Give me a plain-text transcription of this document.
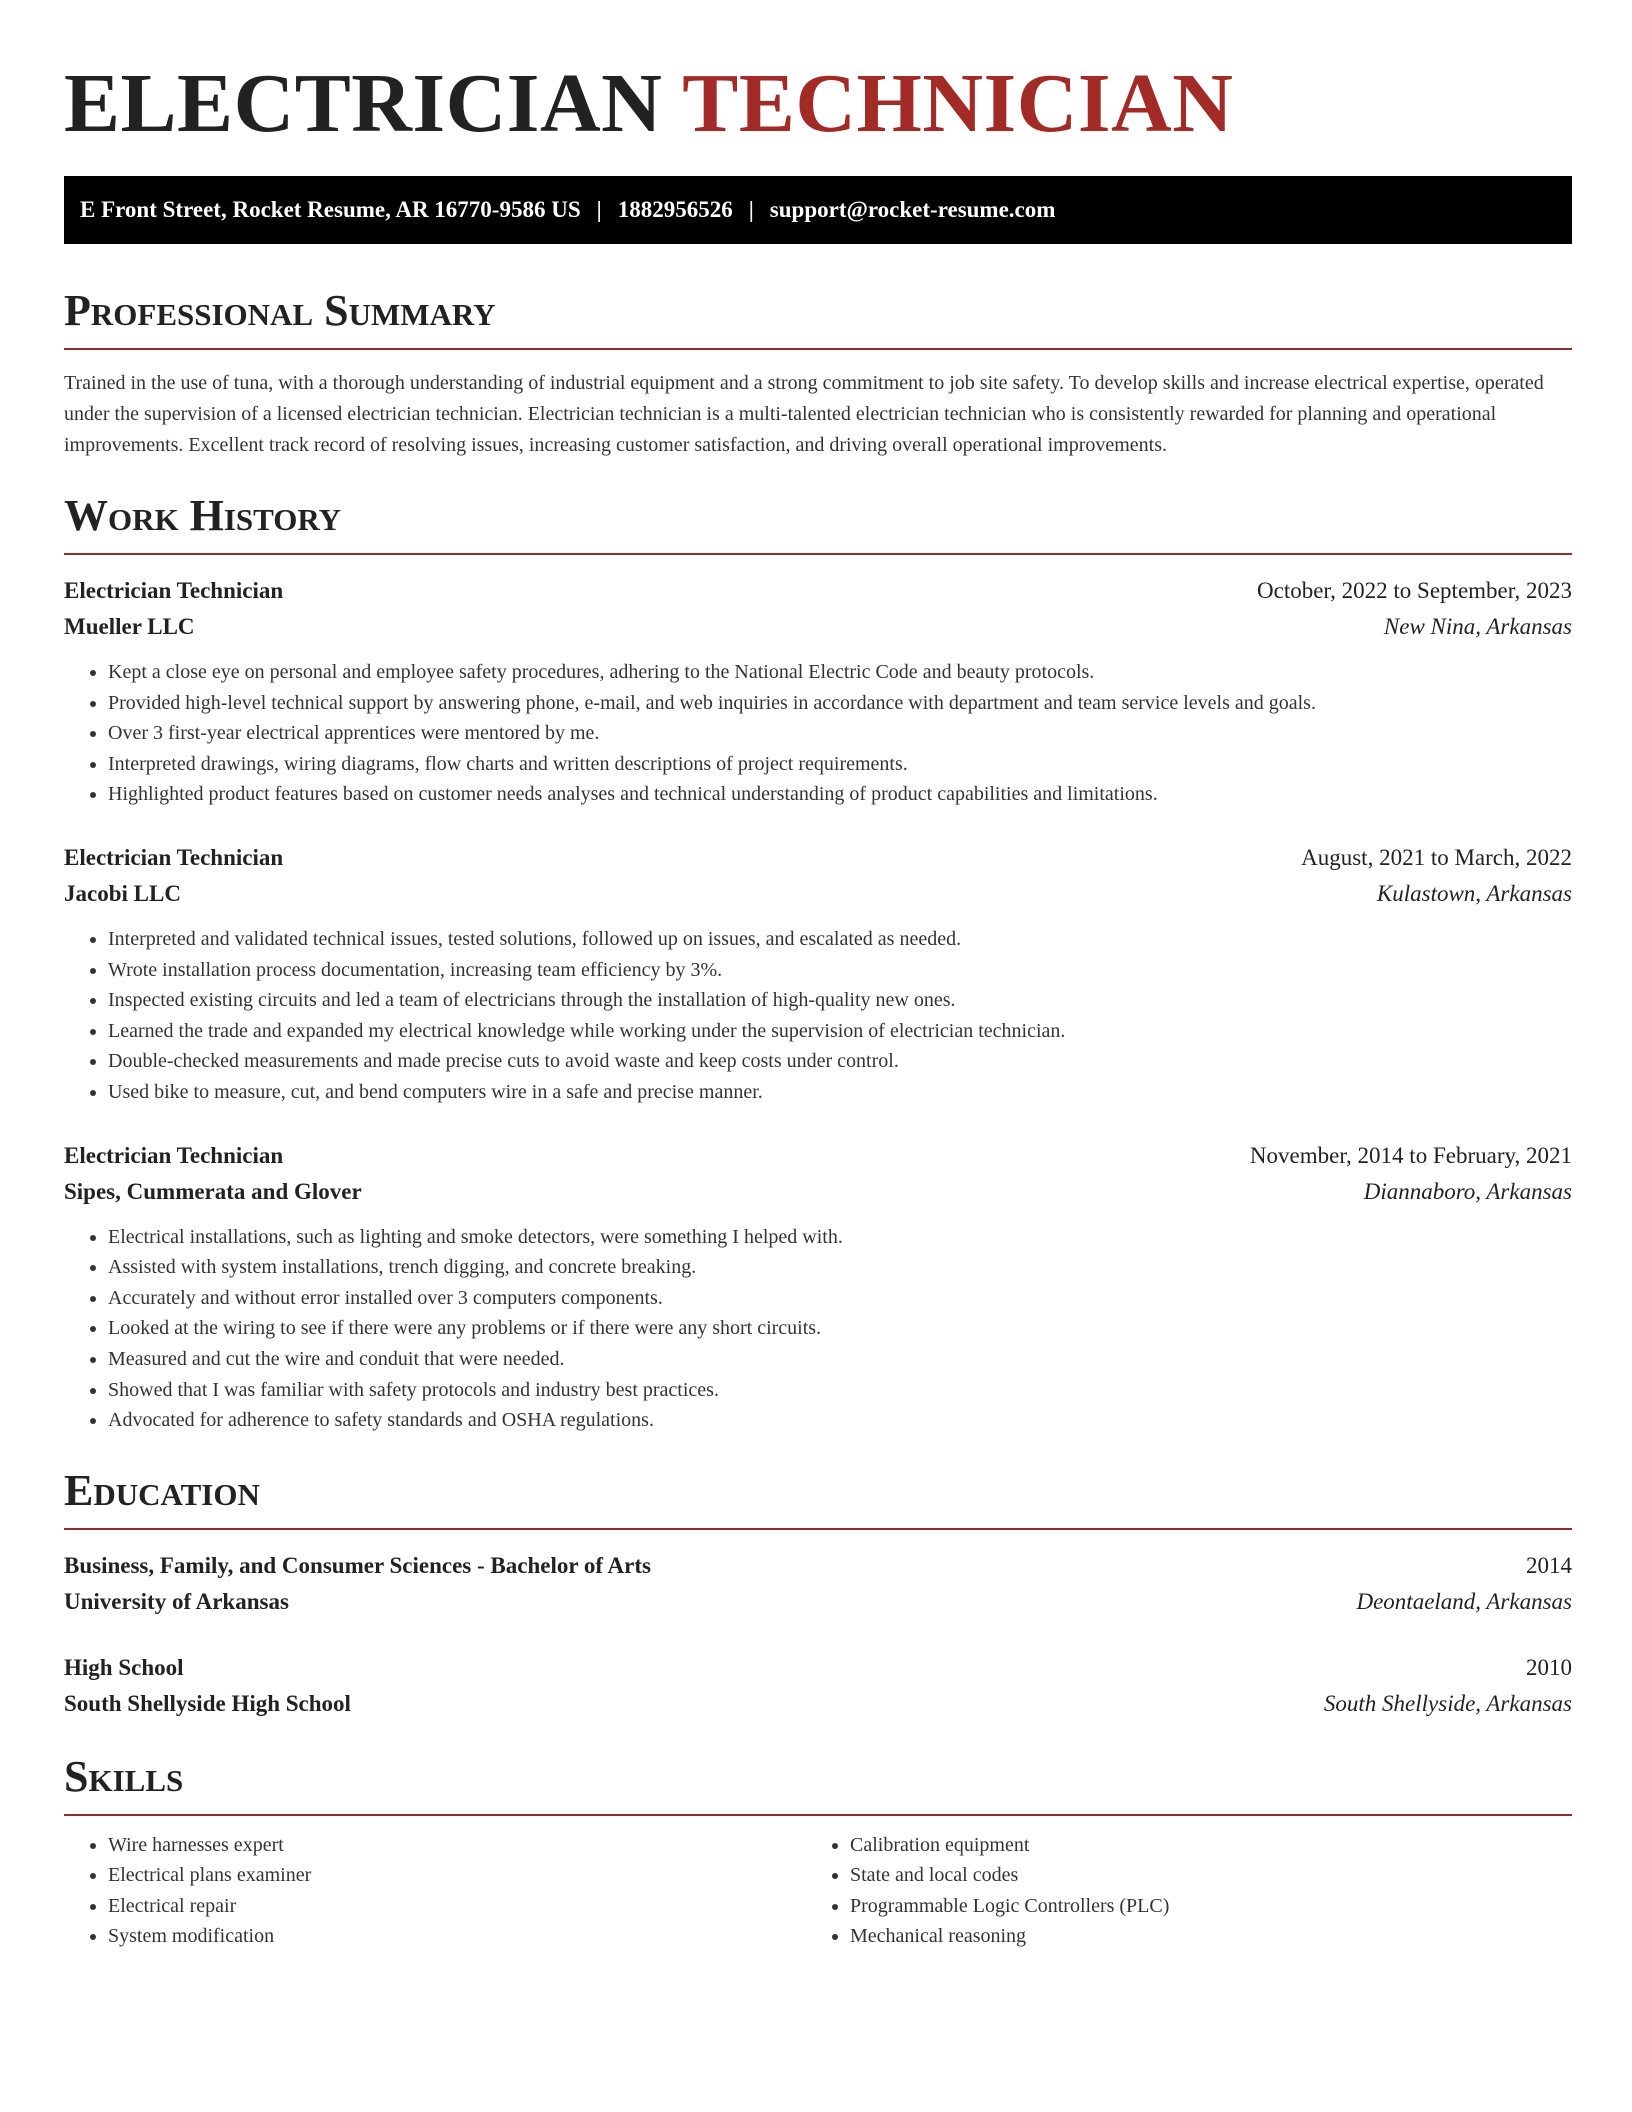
ELECTRICIAN TECHNICIAN
E Front Street, Rocket Resume, AR 16770-9586 US | 1882956526 | support@rocket-resume.com
Professional Summary

Trained in the use of tuna, with a thorough understanding of industrial equipment and a strong commitment to job site safety. To develop skills and increase electrical expertise, operated under the supervision of a licensed electrician technician. Electrician technician is a multi-talented electrician technician who is consistently rewarded for planning and operational improvements. Excellent track record of resolving issues, increasing customer satisfaction, and driving overall operational improvements.

Work History
Electrician Technician	October, 2022 to September, 2023
Mueller LLC	New Nina, Arkansas
• Kept a close eye on personal and employee safety procedures, adhering to the National Electric Code and beauty protocols.
• Provided high-level technical support by answering phone, e-mail, and web inquiries in accordance with department and team service levels and goals.
• Over 3 first-year electrical apprentices were mentored by me.
• Interpreted drawings, wiring diagrams, flow charts and written descriptions of project requirements.
• Highlighted product features based on customer needs analyses and technical understanding of product capabilities and limitations.
Electrician Technician	August, 2021 to March, 2022
Jacobi LLC	Kulastown, Arkansas
• Interpreted and validated technical issues, tested solutions, followed up on issues, and escalated as needed.
• Wrote installation process documentation, increasing team efficiency by 3%.
• Inspected existing circuits and led a team of electricians through the installation of high-quality new ones.
• Learned the trade and expanded my electrical knowledge while working under the supervision of electrician technician.
• Double-checked measurements and made precise cuts to avoid waste and keep costs under control.
• Used bike to measure, cut, and bend computers wire in a safe and precise manner.
Electrician Technician	November, 2014 to February, 2021
Sipes, Cummerata and Glover	Diannaboro, Arkansas
• Electrical installations, such as lighting and smoke detectors, were something I helped with.
• Assisted with system installations, trench digging, and concrete breaking.
• Accurately and without error installed over 3 computers components.
• Looked at the wiring to see if there were any problems or if there were any short circuits.
• Measured and cut the wire and conduit that were needed.
• Showed that I was familiar with safety protocols and industry best practices.
• Advocated for adherence to safety standards and OSHA regulations.
Education
Business, Family, and Consumer Sciences - Bachelor of Arts	2014
University of Arkansas	Deontaeland, Arkansas
High School	2010
South Shellyside High School	South Shellyside, Arkansas
Skills
• Wire harnesses expert
• Electrical plans examiner
• Electrical repair
• System modification
• Calibration equipment
• State and local codes
• Programmable Logic Controllers (PLC)
• Mechanical reasoning
